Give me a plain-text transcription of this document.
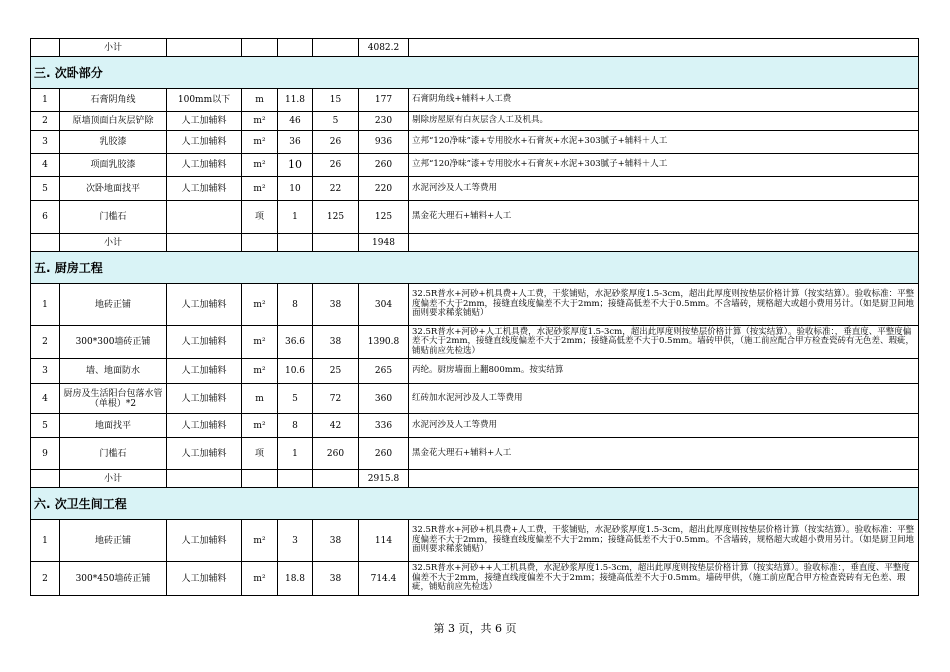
	小计					4082.2	
三. 次卧部分							
1	石膏阴角线	100mm以下	m	11.8	15	177	石膏阴角线+辅料+人工费
2	原墙顶面白灰层铲除	人工加辅料	m²	46	5	230	剔除房屋原有白灰层含人工及机具。
3	乳胶漆	人工加辅料	m²	36	26	936	立邦“120净味”漆+专用胶水+石膏灰+水泥+303腻子+辅料＋人工
4	项面乳胶漆	人工加辅料	m²	10	26	260	立邦“120净味”漆+专用胶水+石膏灰+水泥+303腻子+辅料＋人工
5	次卧地面找平	人工加辅料	m²	10	22	220	水泥河沙及人工等费用
6	门槛石		项	1	125	125	黑金花大理石+辅料+人工
	小计					1948	
五. 厨房工程							
1	地砖正铺	人工加辅料	m²	8	38	304	32.5R普水+河砂+机具费+人工费，干浆铺贴，水泥砂浆厚度1.5-3cm，超出此厚度则按垫层价格计算（按实结算）。验收标准：平整度偏差不大于2mm，接缝直线度偏差不大于2mm；接缝高低差不大于0.5mm。不含墙砖，规格超大或超小费用另计。（如是厨卫间地面则要求稀浆铺贴）
2	300*300墙砖正铺	人工加辅料	m²	36.6	38	1390.8	32.5R普水+河砂+人工机具费，水泥砂浆厚度1.5-3cm，超出此厚度则按垫层价格计算（按实结算）。验收标准：，垂直度、平整度偏差不大于2mm，接缝直线度偏差不大于2mm；接缝高低差不大于0.5mm。墙砖甲供，（施工前应配合甲方检查瓷砖有无色差、瑕疵，铺贴前应先检选）
3	墙、地面防水	人工加辅料	m²	10.6	25	265	丙纶。厨房墙面上翻800mm。按实结算
4	厨房及生活阳台包落水管（单根）*2	人工加辅料	m	5	72	360	红砖加水泥河沙及人工等费用
5	地面找平	人工加辅料	m²	8	42	336	水泥河沙及人工等费用
9	门槛石	人工加辅料	项	1	260	260	黑金花大理石+辅料+人工
	小计					2915.8	
六. 次卫生间工程							
1	地砖正铺	人工加辅料	m²	3	38	114	32.5R普水+河砂+机具费+人工费，干浆铺贴，水泥砂浆厚度1.5-3cm，超出此厚度则按垫层价格计算（按实结算）。验收标准：平整度偏差不大于2mm，接缝直线度偏差不大于2mm；接缝高低差不大于0.5mm。不含墙砖，规格超大或超小费用另计。（如是厨卫间地面则要求稀浆铺贴）
2	300*450墙砖正铺	人工加辅料	m²	18.8	38	714.4	32.5R普水+河砂++人工机具费，水泥砂浆厚度1.5-3cm，超出此厚度则按垫层价格计算（按实结算）。验收标准：，垂直度、平整度偏差不大于2mm，接缝直线度偏差不大于2mm；接缝高低差不大于0.5mm。墙砖甲供，（施工前应配合甲方检查瓷砖有无色差、瑕疵，铺贴前应先检选）
第 3 页，共 6 页
